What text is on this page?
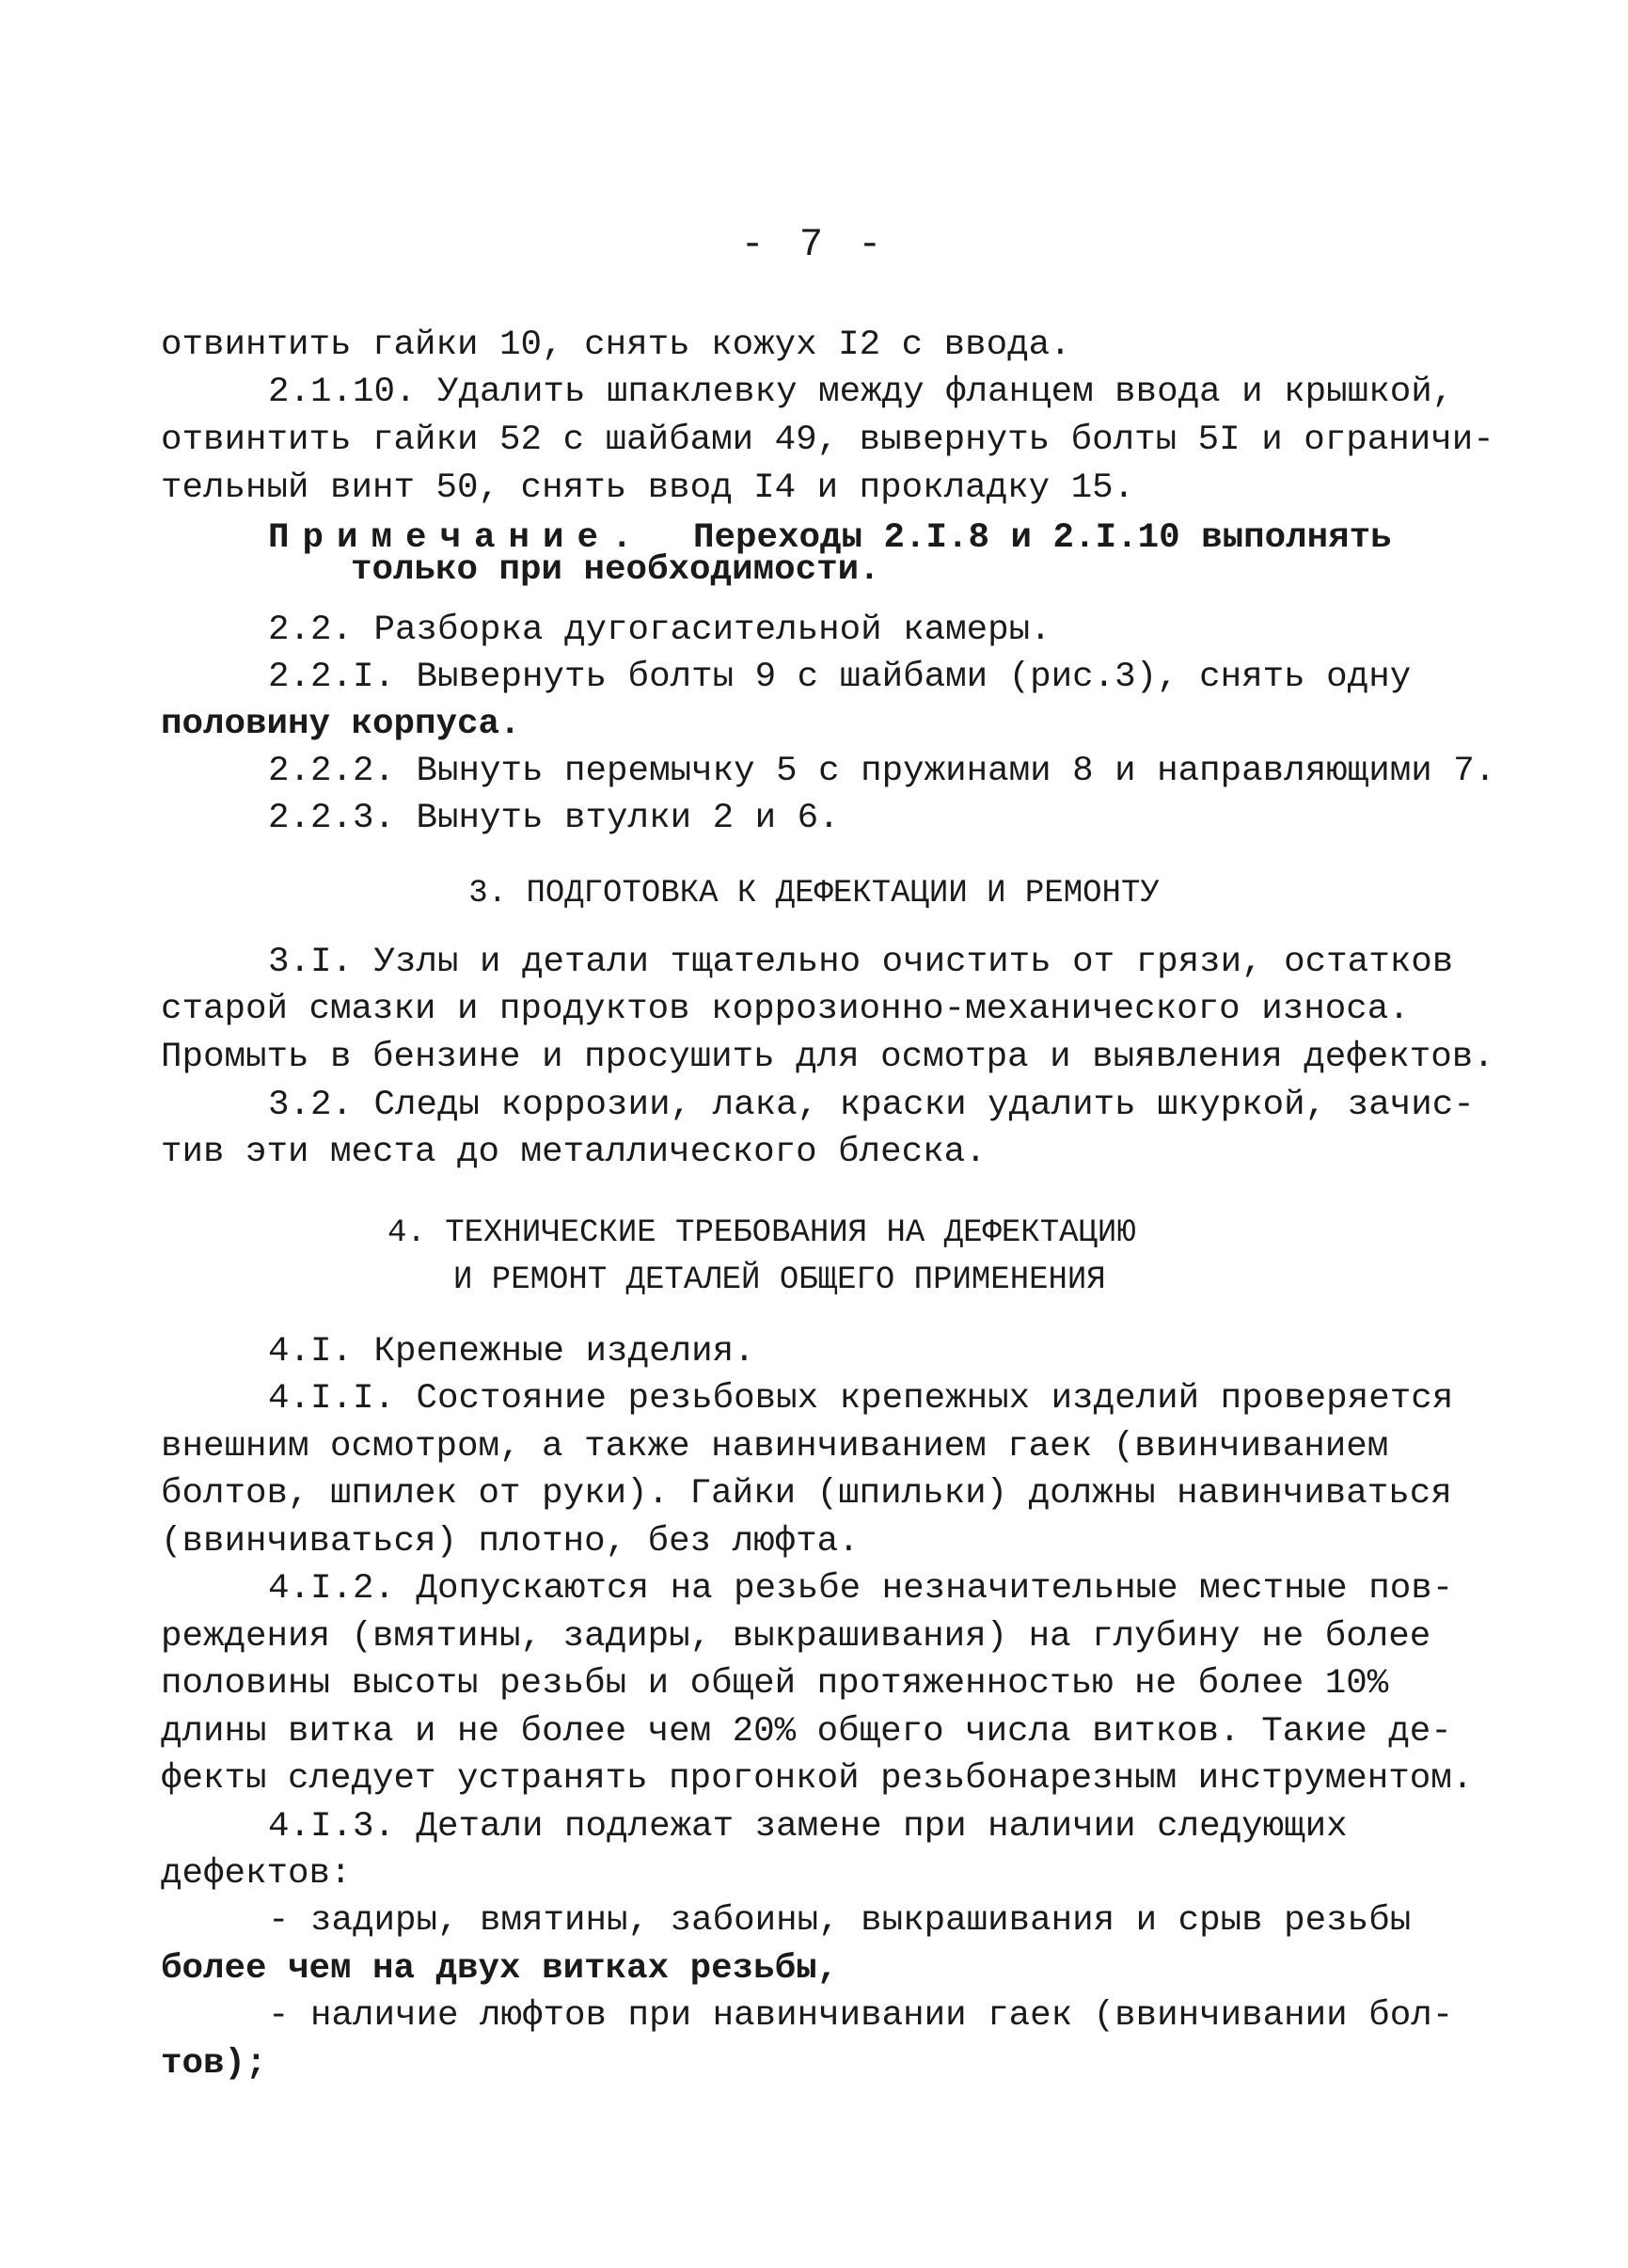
- 7 -
отвинтить гайки 10, снять кожух I2 с ввода.
2.1.10. Удалить шпаклевку между фланцем ввода и крышкой,
отвинтить гайки 52 с шайбами 49, вывернуть болты 5I и ограничи-
тельный винт 50, снять ввод I4 и прокладку 15.
Примечание. Переходы 2.I.8 и 2.I.10 выполнять
только при необходимости.
2.2. Разборка дугогасительной камеры.
2.2.I. Вывернуть болты 9 с шайбами (рис.3), снять одну
половину корпуса.
2.2.2. Вынуть перемычку 5 с пружинами 8 и направляющими 7.
2.2.3. Вынуть втулки 2 и 6.
3. ПОДГОТОВКА К ДЕФЕКТАЦИИ И РЕМОНТУ
3.I. Узлы и детали тщательно очистить от грязи, остатков
старой смазки и продуктов коррозионно-механического износа.
Промыть в бензине и просушить для осмотра и выявления дефектов.
3.2. Следы коррозии, лака, краски удалить шкуркой, зачис-
тив эти места до металлического блеска.
4. ТЕХНИЧЕСКИЕ ТРЕБОВАНИЯ НА ДЕФЕКТАЦИЮ
И РЕМОНТ ДЕТАЛЕЙ ОБЩЕГО ПРИМЕНЕНИЯ
4.I. Крепежные изделия.
4.I.I. Состояние резьбовых крепежных изделий проверяется
внешним осмотром, а также навинчиванием гаек (ввинчиванием
болтов, шпилек от руки). Гайки (шпильки) должны навинчиваться
(ввинчиваться) плотно, без люфта.
4.I.2. Допускаются на резьбе незначительные местные пов-
реждения (вмятины, задиры, выкрашивания) на глубину не более
половины высоты резьбы и общей протяженностью не более 10%
длины витка и не более чем 20% общего числа витков. Такие де-
фекты следует устранять прогонкой резьбонарезным инструментом.
4.I.3. Детали подлежат замене при наличии следующих
дефектов:
- задиры, вмятины, забоины, выкрашивания и срыв резьбы
более чем на двух витках резьбы,
- наличие люфтов при навинчивании гаек (ввинчивании бол-
тов);
